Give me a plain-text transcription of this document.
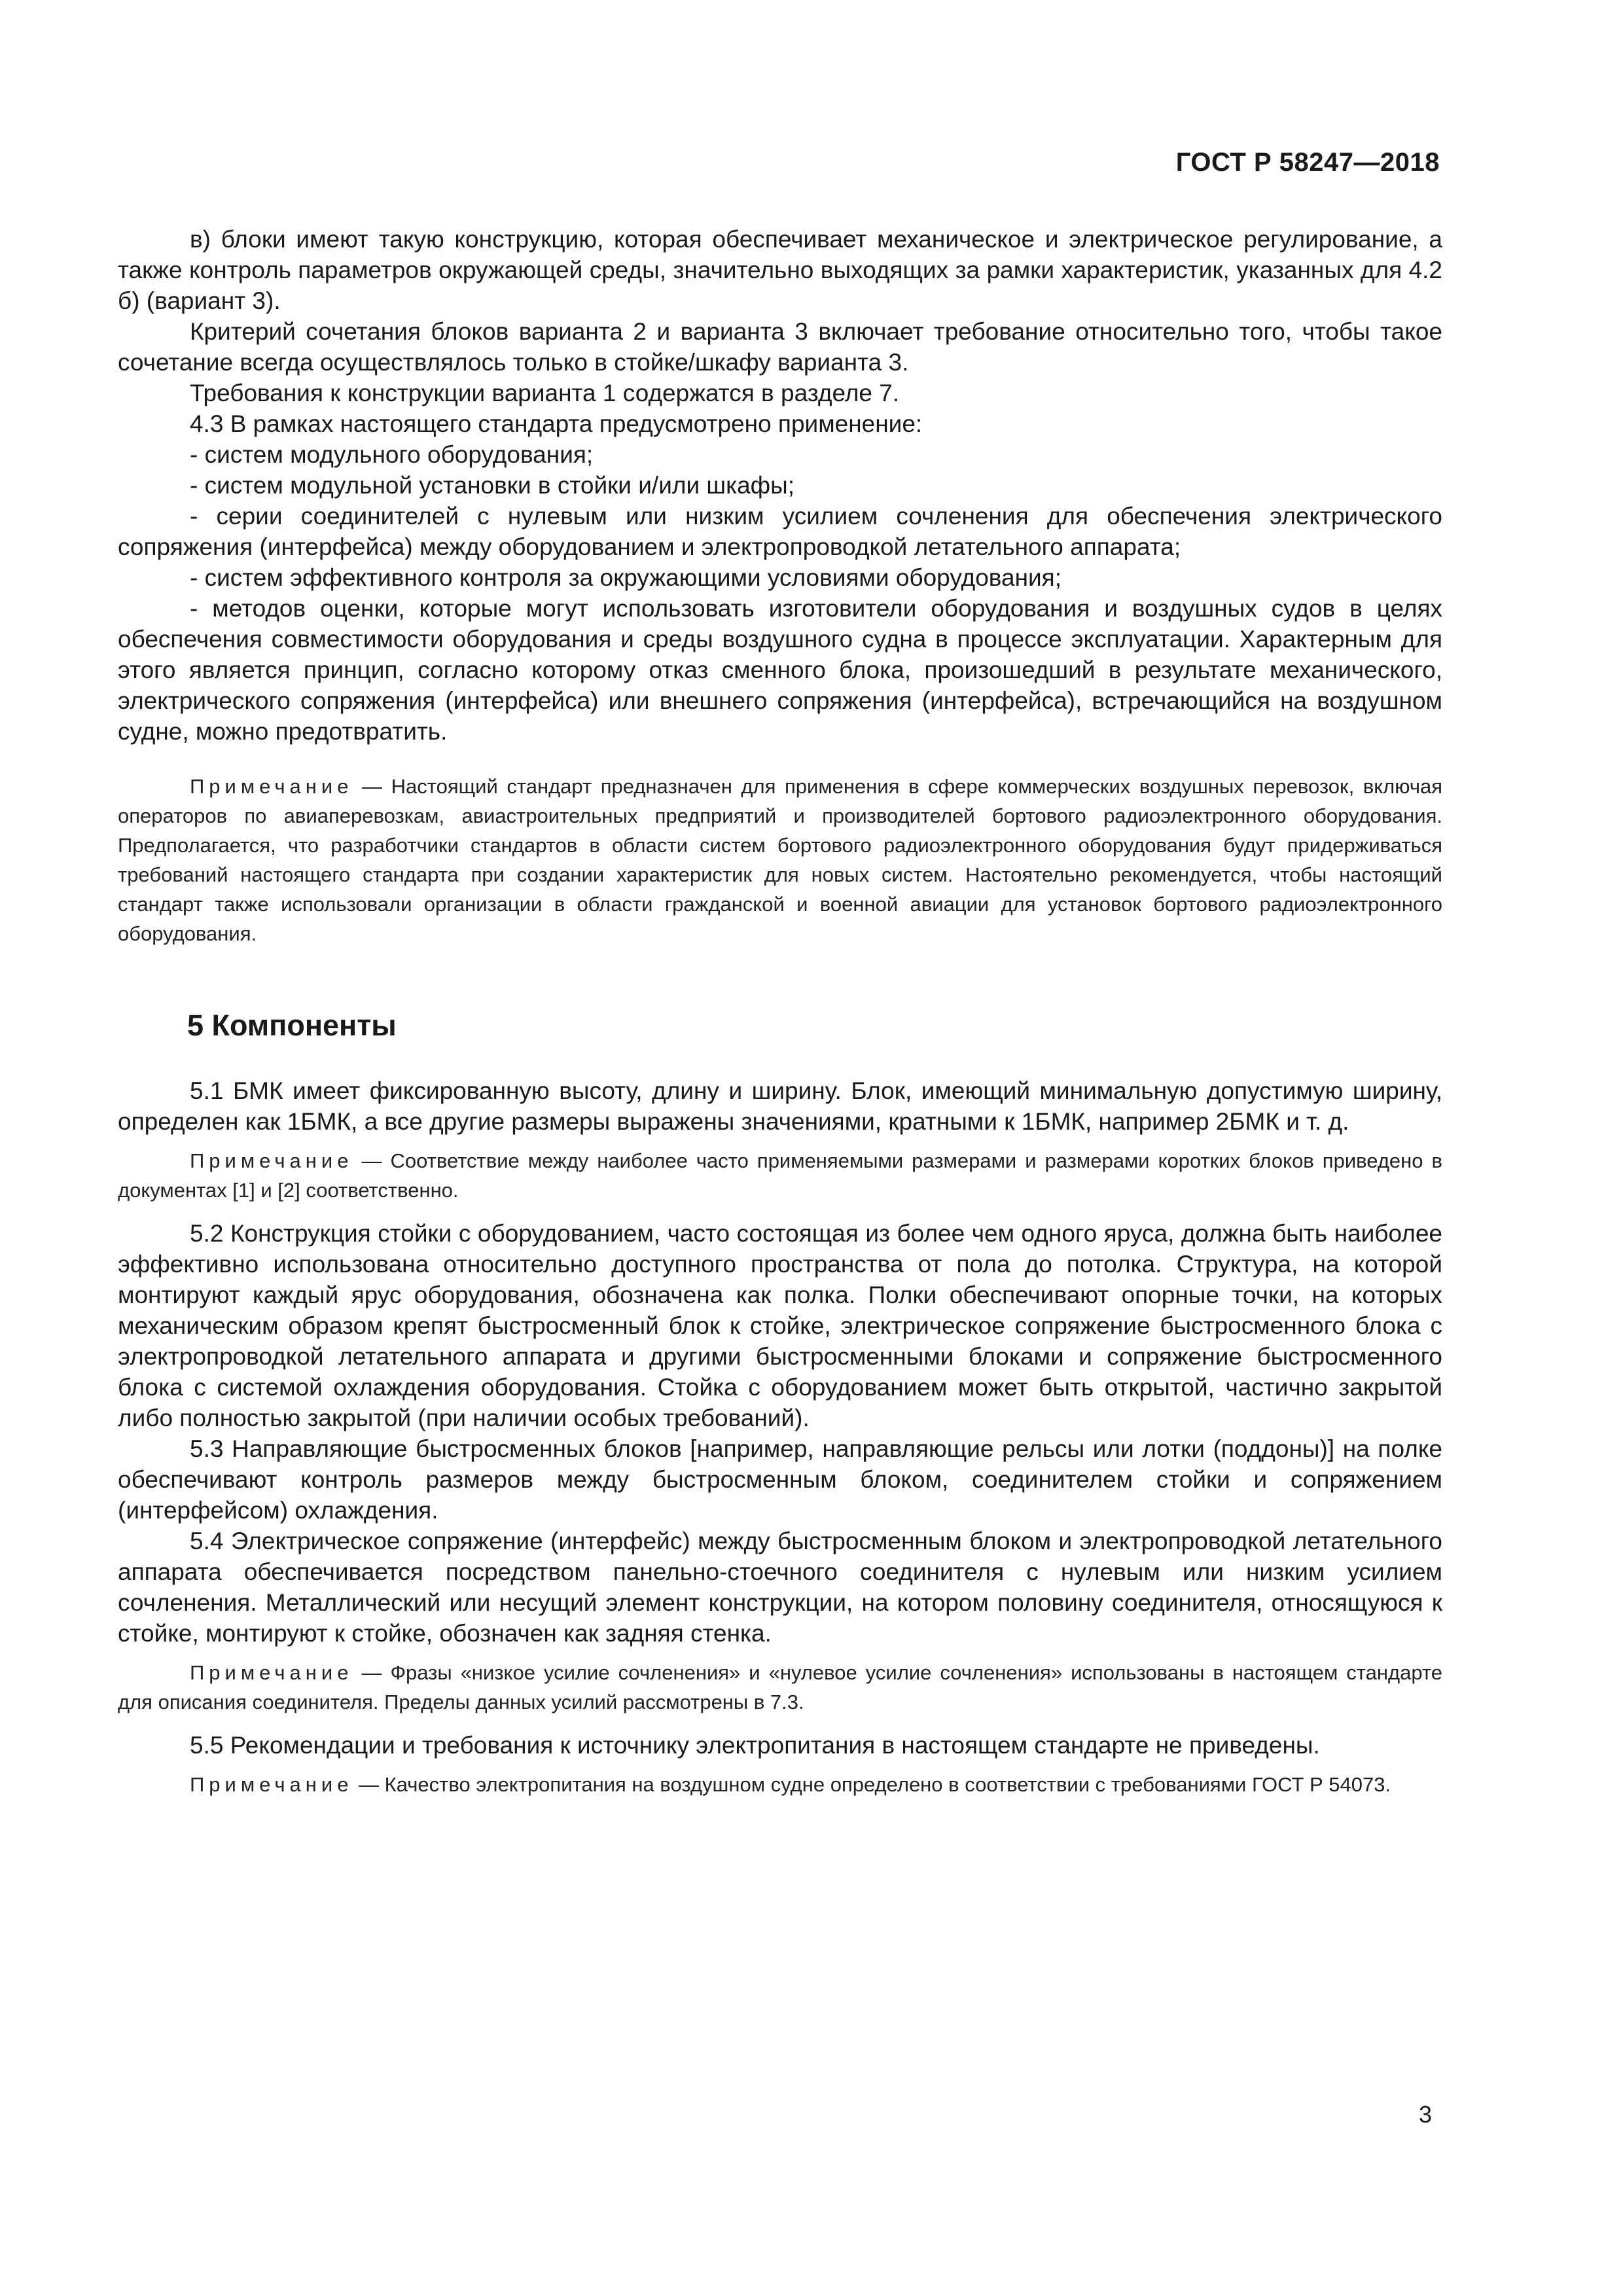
ГОСТ Р 58247—2018

в) блоки имеют такую конструкцию, которая обеспечивает механическое и электрическое регулирование, а также контроль параметров окружающей среды, значительно выходящих за рамки характеристик, указанных для 4.2 б) (вариант 3).

Критерий сочетания блоков варианта 2 и варианта 3 включает требование относительно того, чтобы такое сочетание всегда осуществлялось только в стойке/шкафу варианта 3.

Требования к конструкции варианта 1 содержатся в разделе 7.

4.3 В рамках настоящего стандарта предусмотрено применение:

- систем модульного оборудования;

- систем модульной установки в стойки и/или шкафы;

- серии соединителей с нулевым или низким усилием сочленения для обеспечения электрического сопряжения (интерфейса) между оборудованием и электропроводкой летательного аппарата;

- систем эффективного контроля за окружающими условиями оборудования;

- методов оценки, которые могут использовать изготовители оборудования и воздушных судов в целях обеспечения совместимости оборудования и среды воздушного судна в процессе эксплуатации. Характерным для этого является принцип, согласно которому отказ сменного блока, произошедший в результате механического, электрического сопряжения (интерфейса) или внешнего сопряжения (интерфейса), встречающийся на воздушном судне, можно предотвратить.

Примечание — Настоящий стандарт предназначен для применения в сфере коммерческих воздушных перевозок, включая операторов по авиаперевозкам, авиастроительных предприятий и производителей бортового радиоэлектронного оборудования. Предполагается, что разработчики стандартов в области систем бортового радиоэлектронного оборудования будут придерживаться требований настоящего стандарта при создании характеристик для новых систем. Настоятельно рекомендуется, чтобы настоящий стандарт также использовали организации в области гражданской и военной авиации для установок бортового радиоэлектронного оборудования.

5 Компоненты

5.1 БМК имеет фиксированную высоту, длину и ширину. Блок, имеющий минимальную допустимую ширину, определен как 1БМК, а все другие размеры выражены значениями, кратными к 1БМК, например 2БМК и т. д.

Примечание — Соответствие между наиболее часто применяемыми размерами и размерами коротких блоков приведено в документах [1] и [2] соответственно.

5.2 Конструкция стойки с оборудованием, часто состоящая из более чем одного яруса, должна быть наиболее эффективно использована относительно доступного пространства от пола до потолка. Структура, на которой монтируют каждый ярус оборудования, обозначена как полка. Полки обеспечивают опорные точки, на которых механическим образом крепят быстросменный блок к стойке, электрическое сопряжение быстросменного блока с электропроводкой летательного аппарата и другими быстросменными блоками и сопряжение быстросменного блока с системой охлаждения оборудования. Стойка с оборудованием может быть открытой, частично закрытой либо полностью закрытой (при наличии особых требований).

5.3 Направляющие быстросменных блоков [например, направляющие рельсы или лотки (поддоны)] на полке обеспечивают контроль размеров между быстросменным блоком, соединителем стойки и сопряжением (интерфейсом) охлаждения.

5.4 Электрическое сопряжение (интерфейс) между быстросменным блоком и электропроводкой летательного аппарата обеспечивается посредством панельно-стоечного соединителя с нулевым или низким усилием сочленения. Металлический или несущий элемент конструкции, на котором половину соединителя, относящуюся к стойке, монтируют к стойке, обозначен как задняя стенка.

Примечание — Фразы «низкое усилие сочленения» и «нулевое усилие сочленения» использованы в настоящем стандарте для описания соединителя. Пределы данных усилий рассмотрены в 7.3.

5.5 Рекомендации и требования к источнику электропитания в настоящем стандарте не приведены.

Примечание — Качество электропитания на воздушном судне определено в соответствии с требованиями ГОСТ Р 54073.

3
